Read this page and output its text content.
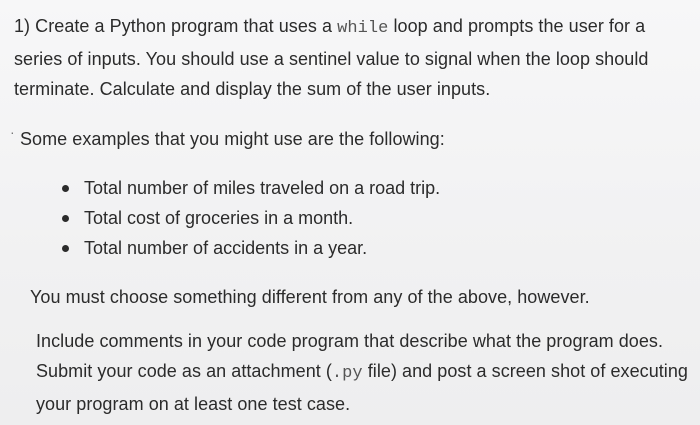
1) Create a Python program that uses a while loop and prompts the user for a series of inputs. You should use a sentinel value to signal when the loop should terminate. Calculate and display the sum of the user inputs.
· Some examples that you might use are the following:
Total number of miles traveled on a road trip.
Total cost of groceries in a month.
Total number of accidents in a year.
You must choose something different from any of the above, however.
Include comments in your code program that describe what the program does. Submit your code as an attachment (.py file) and post a screen shot of executing your program on at least one test case.
